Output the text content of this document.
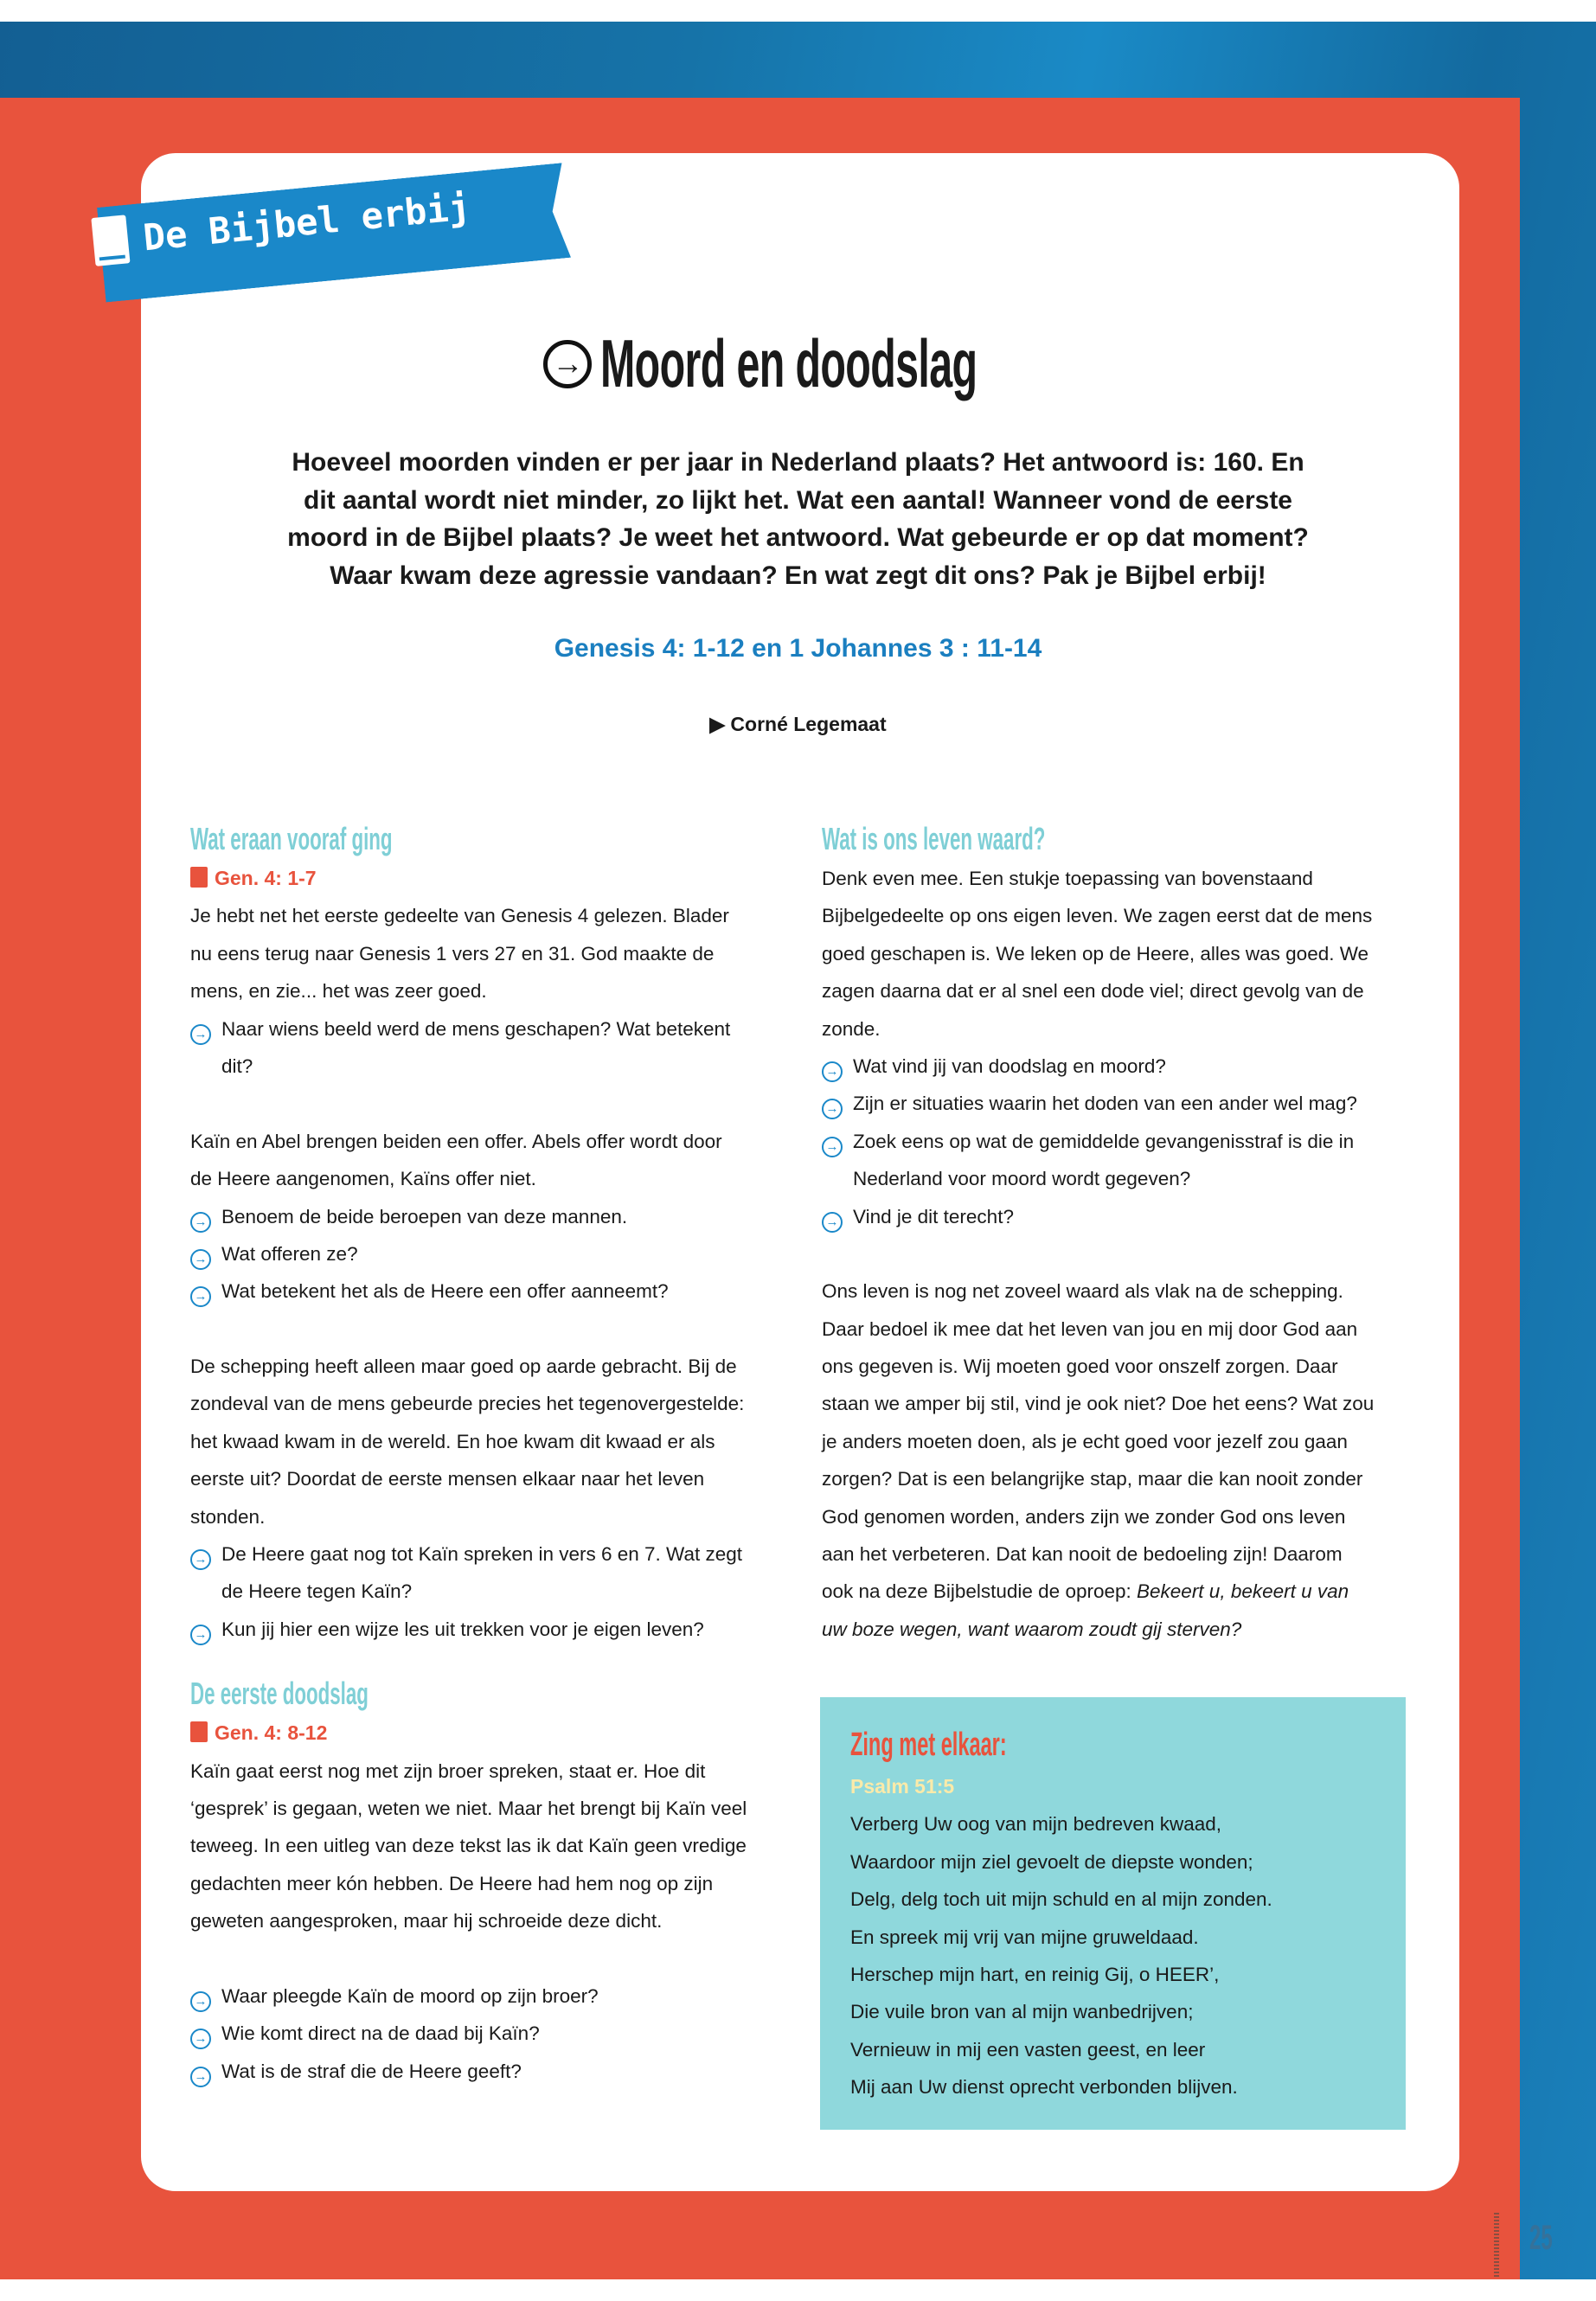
De Bijbel erbij
→ Moord en doodslag
Hoeveel moorden vinden er per jaar in Nederland plaats? Het antwoord is: 160. En
dit aantal wordt niet minder, zo lijkt het. Wat een aantal! Wanneer vond de eerste
moord in de Bijbel plaats? Je weet het antwoord. Wat gebeurde er op dat moment?
Waar kwam deze agressie vandaan? En wat zegt dit ons? Pak je Bijbel erbij!
Genesis 4: 1-12 en 1 Johannes 3 : 11-14
▶ Corné Legemaat
Wat eraan vooraf ging
Gen. 4: 1-7
Je hebt net het eerste gedeelte van Genesis 4 gelezen. Blader
nu eens terug naar Genesis 1 vers 27 en 31. God maakte de
mens, en zie... het was zeer goed.
→ Naar wiens beeld werd de mens geschapen? Wat betekent
dit?
Kaïn en Abel brengen beiden een offer. Abels offer wordt door
de Heere aangenomen, Kaïns offer niet.
→ Benoem de beide beroepen van deze mannen.
→ Wat offeren ze?
→ Wat betekent het als de Heere een offer aanneemt?
De schepping heeft alleen maar goed op aarde gebracht. Bij de
zondeval van de mens gebeurde precies het tegenovergestelde:
het kwaad kwam in de wereld. En hoe kwam dit kwaad er als
eerste uit? Doordat de eerste mensen elkaar naar het leven
stonden.
→ De Heere gaat nog tot Kaïn spreken in vers 6 en 7. Wat zegt
de Heere tegen Kaïn?
→ Kun jij hier een wijze les uit trekken voor je eigen leven?
De eerste doodslag
Gen. 4: 8-12
Kaïn gaat eerst nog met zijn broer spreken, staat er. Hoe dit
‘gesprek’ is gegaan, weten we niet. Maar het brengt bij Kaïn veel
teweeg. In een uitleg van deze tekst las ik dat Kaïn geen vredige
gedachten meer kón hebben. De Heere had hem nog op zijn
geweten aangesproken, maar hij schroeide deze dicht.
→ Waar pleegde Kaïn de moord op zijn broer?
→ Wie komt direct na de daad bij Kaïn?
→ Wat is de straf die de Heere geeft?
Wat is ons leven waard?
Denk even mee. Een stukje toepassing van bovenstaand
Bijbelgedeelte op ons eigen leven. We zagen eerst dat de mens
goed geschapen is. We leken op de Heere, alles was goed. We
zagen daarna dat er al snel een dode viel; direct gevolg van de
zonde.
→ Wat vind jij van doodslag en moord?
→ Zijn er situaties waarin het doden van een ander wel mag?
→ Zoek eens op wat de gemiddelde gevangenisstraf is die in
Nederland voor moord wordt gegeven?
→ Vind je dit terecht?
Ons leven is nog net zoveel waard als vlak na de schepping.
Daar bedoel ik mee dat het leven van jou en mij door God aan
ons gegeven is. Wij moeten goed voor onszelf zorgen. Daar
staan we amper bij stil, vind je ook niet? Doe het eens? Wat zou
je anders moeten doen, als je echt goed voor jezelf zou gaan
zorgen? Dat is een belangrijke stap, maar die kan nooit zonder
God genomen worden, anders zijn we zonder God ons leven
aan het verbeteren. Dat kan nooit de bedoeling zijn! Daarom
ook na deze Bijbelstudie de oproep: Bekeert u, bekeert u van
uw boze wegen, want waarom zoudt gij sterven?
Zing met elkaar:
Psalm 51:5
Verberg Uw oog van mijn bedreven kwaad,
Waardoor mijn ziel gevoelt de diepste wonden;
Delg, delg toch uit mijn schuld en al mijn zonden.
En spreek mij vrij van mijne gruweldaad.
Herschep mijn hart, en reinig Gij, o HEER’,
Die vuile bron van al mijn wanbedrijven;
Vernieuw in mij een vasten geest, en leer
Mij aan Uw dienst oprecht verbonden blijven.
25
